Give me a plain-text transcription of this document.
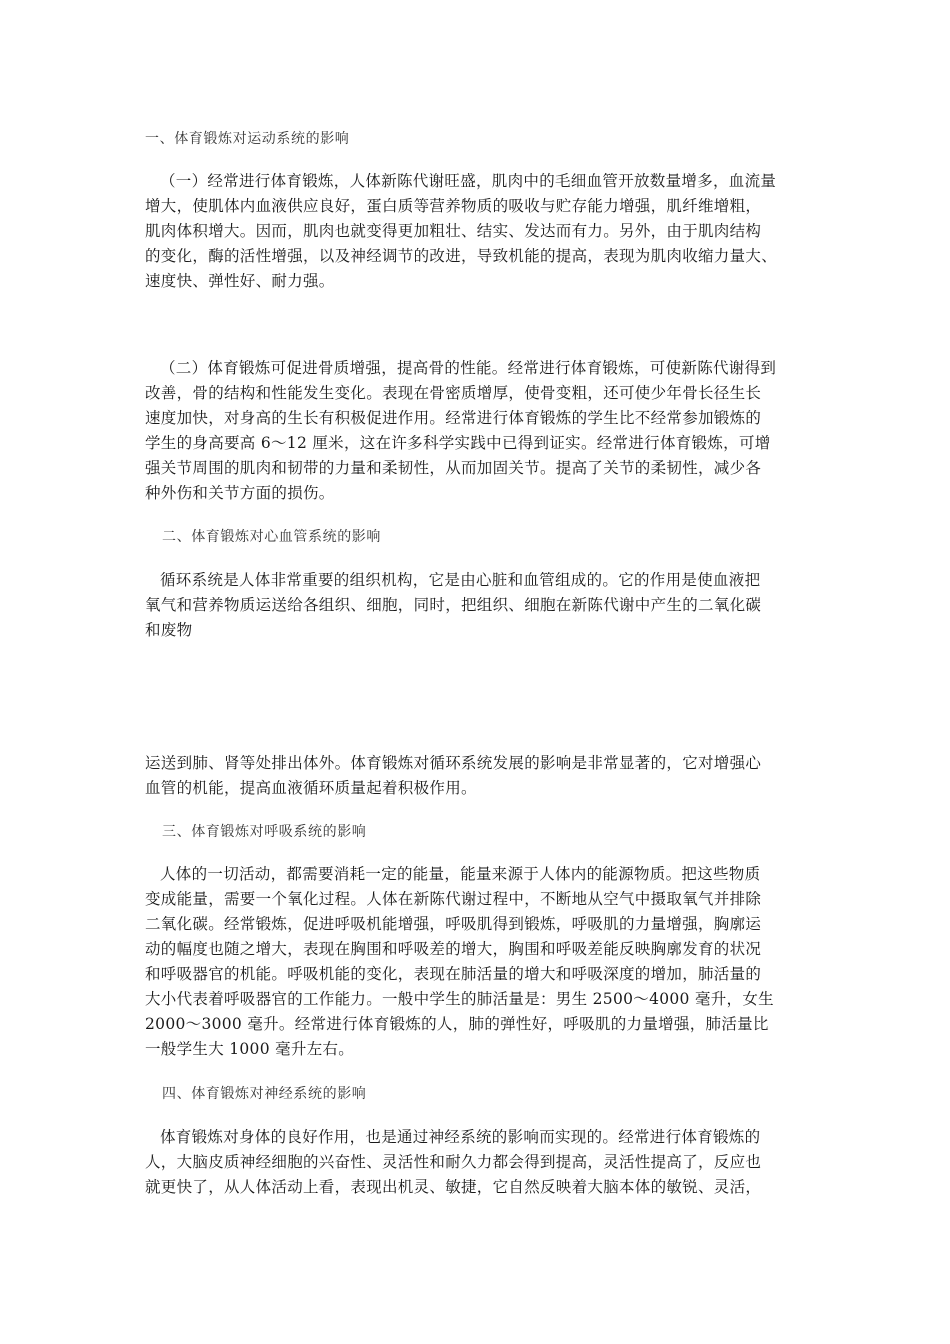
一、体育锻炼对运动系统的影响
（一）经常进行体育锻炼，人体新陈代谢旺盛，肌肉中的毛细血管开放数量增多，血流量
增大，使肌体内血液供应良好，蛋白质等营养物质的吸收与贮存能力增强，肌纤维增粗，
肌肉体积增大。因而，肌肉也就变得更加粗壮、结实、发达而有力。另外，由于肌肉结构
的变化，酶的活性增强，以及神经调节的改进，导致机能的提高，表现为肌肉收缩力量大、
速度快、弹性好、耐力强。
（二）体育锻炼可促进骨质增强，提高骨的性能。经常进行体育锻炼，可使新陈代谢得到
改善，骨的结构和性能发生变化。表现在骨密质增厚，使骨变粗，还可使少年骨长径生长
速度加快，对身高的生长有积极促进作用。经常进行体育锻炼的学生比不经常参加锻炼的
学生的身高要高 6～12 厘米，这在许多科学实践中已得到证实。经常进行体育锻炼，可增
强关节周围的肌肉和韧带的力量和柔韧性，从而加固关节。提高了关节的柔韧性，减少各
种外伤和关节方面的损伤。
二、体育锻炼对心血管系统的影响
循环系统是人体非常重要的组织机构，它是由心脏和血管组成的。它的作用是使血液把
氧气和营养物质运送给各组织、细胞，同时，把组织、细胞在新陈代谢中产生的二氧化碳
和废物
运送到肺、肾等处排出体外。体育锻炼对循环系统发展的影响是非常显著的，它对增强心
血管的机能，提高血液循环质量起着积极作用。
三、体育锻炼对呼吸系统的影响
人体的一切活动，都需要消耗一定的能量，能量来源于人体内的能源物质。把这些物质
变成能量，需要一个氧化过程。人体在新陈代谢过程中，不断地从空气中摄取氧气并排除
二氧化碳。经常锻炼，促进呼吸机能增强，呼吸肌得到锻炼，呼吸肌的力量增强，胸廓运
动的幅度也随之增大，表现在胸围和呼吸差的增大，胸围和呼吸差能反映胸廓发育的状况
和呼吸器官的机能。呼吸机能的变化，表现在肺活量的增大和呼吸深度的增加，肺活量的
大小代表着呼吸器官的工作能力。一般中学生的肺活量是：男生 2500～4000 毫升，女生
2000～3000 毫升。经常进行体育锻炼的人，肺的弹性好，呼吸肌的力量增强，肺活量比
一般学生大 1000 毫升左右。
四、体育锻炼对神经系统的影响
体育锻炼对身体的良好作用，也是通过神经系统的影响而实现的。经常进行体育锻炼的
人，大脑皮质神经细胞的兴奋性、灵活性和耐久力都会得到提高，灵活性提高了，反应也
就更快了，从人体活动上看，表现出机灵、敏捷，它自然反映着大脑本体的敏锐、灵活，
